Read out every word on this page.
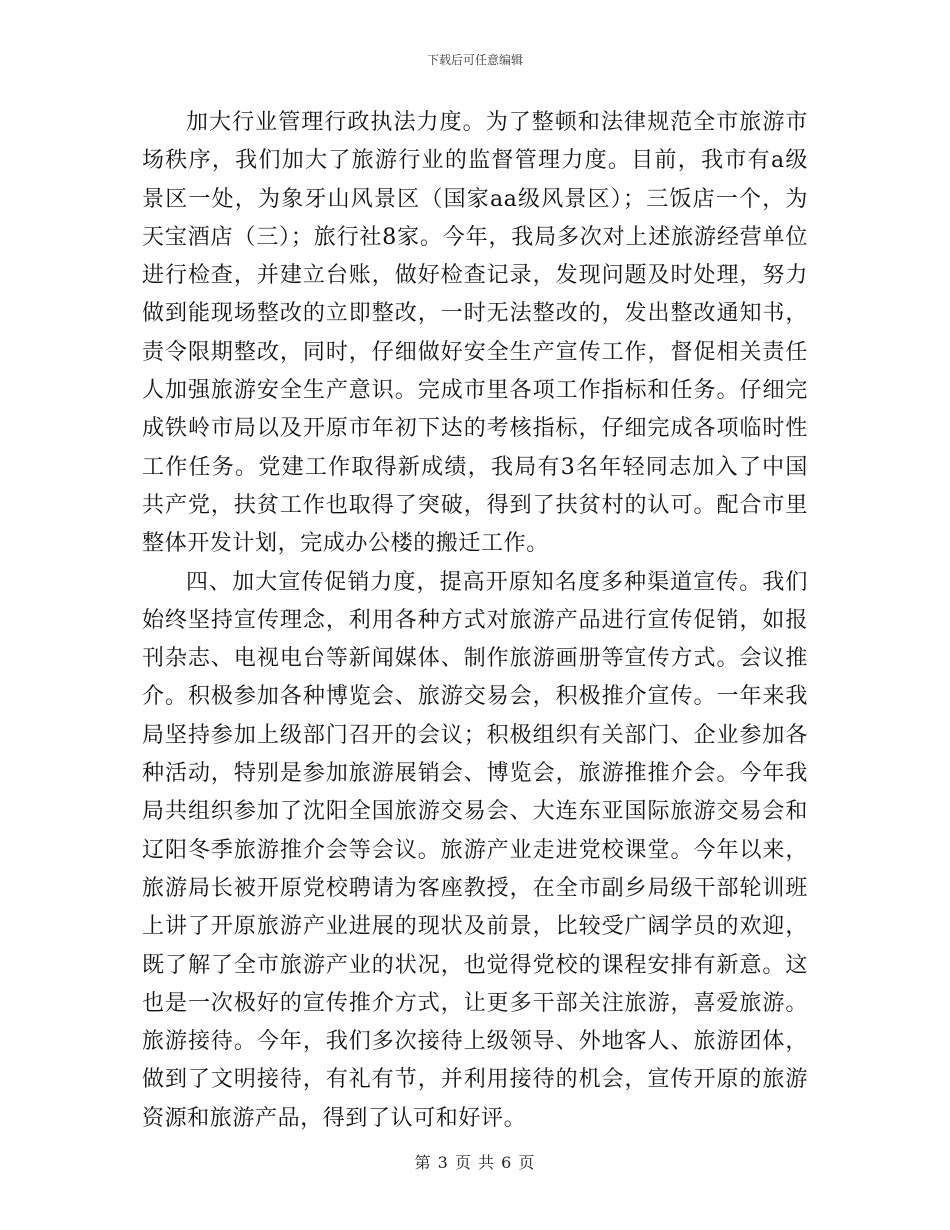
下载后可任意编辑

加大行业管理行政执法力度。为了整顿和法律规范全市旅游市场秩序，我们加大了旅游行业的监督管理力度。目前，我市有a级景区一处，为象牙山风景区（国家aa级风景区）；三饭店一个，为天宝酒店（三）；旅行社8家。今年，我局多次对上述旅游经营单位进行检查，并建立台账，做好检查记录，发现问题及时处理，努力做到能现场整改的立即整改，一时无法整改的，发出整改通知书，责令限期整改，同时，仔细做好安全生产宣传工作，督促相关责任人加强旅游安全生产意识。完成市里各项工作指标和任务。仔细完成铁岭市局以及开原市年初下达的考核指标，仔细完成各项临时性工作任务。党建工作取得新成绩，我局有3名年轻同志加入了中国共产党，扶贫工作也取得了突破，得到了扶贫村的认可。配合市里整体开发计划，完成办公楼的搬迁工作。

四、加大宣传促销力度，提高开原知名度多种渠道宣传。我们始终坚持宣传理念，利用各种方式对旅游产品进行宣传促销，如报刊杂志、电视电台等新闻媒体、制作旅游画册等宣传方式。会议推介。积极参加各种博览会、旅游交易会，积极推介宣传。一年来我局坚持参加上级部门召开的会议；积极组织有关部门、企业参加各种活动，特别是参加旅游展销会、博览会，旅游推推介会。今年我局共组织参加了沈阳全国旅游交易会、大连东亚国际旅游交易会和辽阳冬季旅游推介会等会议。旅游产业走进党校课堂。今年以来，旅游局长被开原党校聘请为客座教授，在全市副乡局级干部轮训班上讲了开原旅游产业进展的现状及前景，比较受广阔学员的欢迎，既了解了全市旅游产业的状况，也觉得党校的课程安排有新意。这也是一次极好的宣传推介方式，让更多干部关注旅游，喜爱旅游。旅游接待。今年，我们多次接待上级领导、外地客人、旅游团体，做到了文明接待，有礼有节，并利用接待的机会，宣传开原的旅游资源和旅游产品，得到了认可和好评。

第 3 页 共 6 页
